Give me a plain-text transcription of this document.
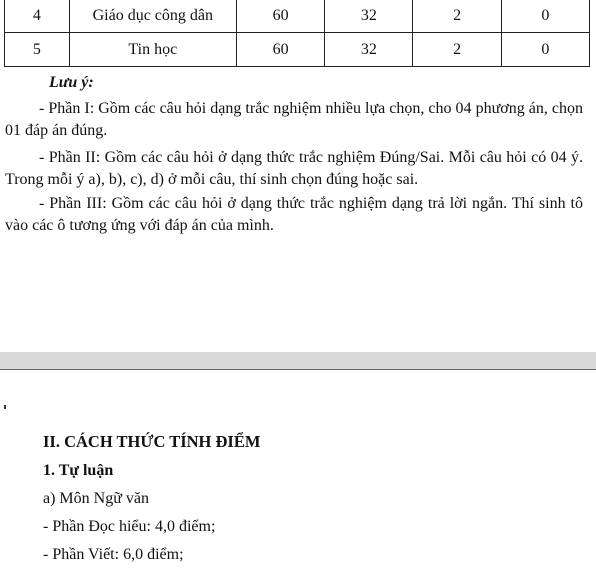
4	Giáo dục công dân	60	32	2	0
5	Tin học	60	32	2	0
Lưu ý:
- Phần I: Gồm các câu hỏi dạng trắc nghiệm nhiều lựa chọn, cho 04 phương án, chọn 01 đáp án đúng.
- Phần II: Gồm các câu hỏi ở dạng thức trắc nghiệm Đúng/Sai. Mỗi câu hỏi có 04 ý. Trong mỗi ý a), b), c), d) ở mỗi câu, thí sinh chọn đúng hoặc sai.
- Phần III: Gồm các câu hỏi ở dạng thức trắc nghiệm dạng trả lời ngắn. Thí sinh tô vào các ô tương ứng với đáp án của mình.
II. CÁCH THỨC TÍNH ĐIỂM
1. Tự luận
a) Môn Ngữ văn
- Phần Đọc hiểu: 4,0 điểm;
- Phần Viết: 6,0 điểm;
